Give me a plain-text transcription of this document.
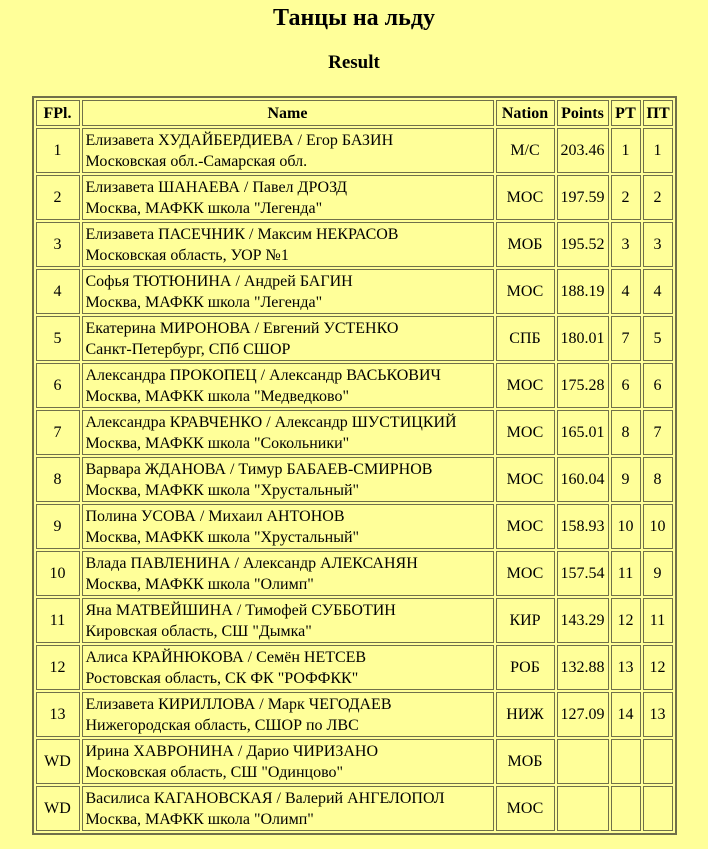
Танцы на льду
Result
FPl.	Name	Nation	Points	РТ	ПТ
1	Елизавета ХУДАЙБЕРДИЕВА / Егор БАЗИН
Московская обл.-Самарская обл.	М/С	203.46	1	1
2	Елизавета ШАНАЕВА / Павел ДРОЗД
Москва, МАФКК школа "Легенда"	МОС	197.59	2	2
3	Елизавета ПАСЕЧНИК / Максим НЕКРАСОВ
Московская область, УОР №1	МОБ	195.52	3	3
4	Софья ТЮТЮНИНА / Андрей БАГИН
Москва, МАФКК школа "Легенда"	МОС	188.19	4	4
5	Екатерина МИРОНОВА / Евгений УСТЕНКО
Санкт-Петербург, СПб СШОР	СПБ	180.01	7	5
6	Александра ПРОКОПЕЦ / Александр ВАСЬКОВИЧ
Москва, МАФКК школа "Медведково"	МОС	175.28	6	6
7	Александра КРАВЧЕНКО / Александр ШУСТИЦКИЙ
Москва, МАФКК школа "Сокольники"	МОС	165.01	8	7
8	Варвара ЖДАНОВА / Тимур БАБАЕВ-СМИРНОВ
Москва, МАФКК школа "Хрустальный"	МОС	160.04	9	8
9	Полина УСОВА / Михаил АНТОНОВ
Москва, МАФКК школа "Хрустальный"	МОС	158.93	10	10
10	Влада ПАВЛЕНИНА / Александр АЛЕКСАНЯН
Москва, МАФКК школа "Олимп"	МОС	157.54	11	9
11	Яна МАТВЕЙШИНА / Тимофей СУББОТИН
Кировская область, СШ "Дымка"	КИР	143.29	12	11
12	Алиса КРАЙНЮКОВА / Семён НЕТСЕВ
Ростовская область, СК ФК "РОФФКК"	РОБ	132.88	13	12
13	Елизавета КИРИЛЛОВА / Марк ЧЕГОДАЕВ
Нижегородская область, СШОР по ЛВС	НИЖ	127.09	14	13
WD	Ирина ХАВРОНИНА / Дарио ЧИРИЗАНО
Московская область, СШ "Одинцово"	МОБ			
WD	Василиса КАГАНОВСКАЯ / Валерий АНГЕЛОПОЛ
Москва, МАФКК школа "Олимп"	МОС			
